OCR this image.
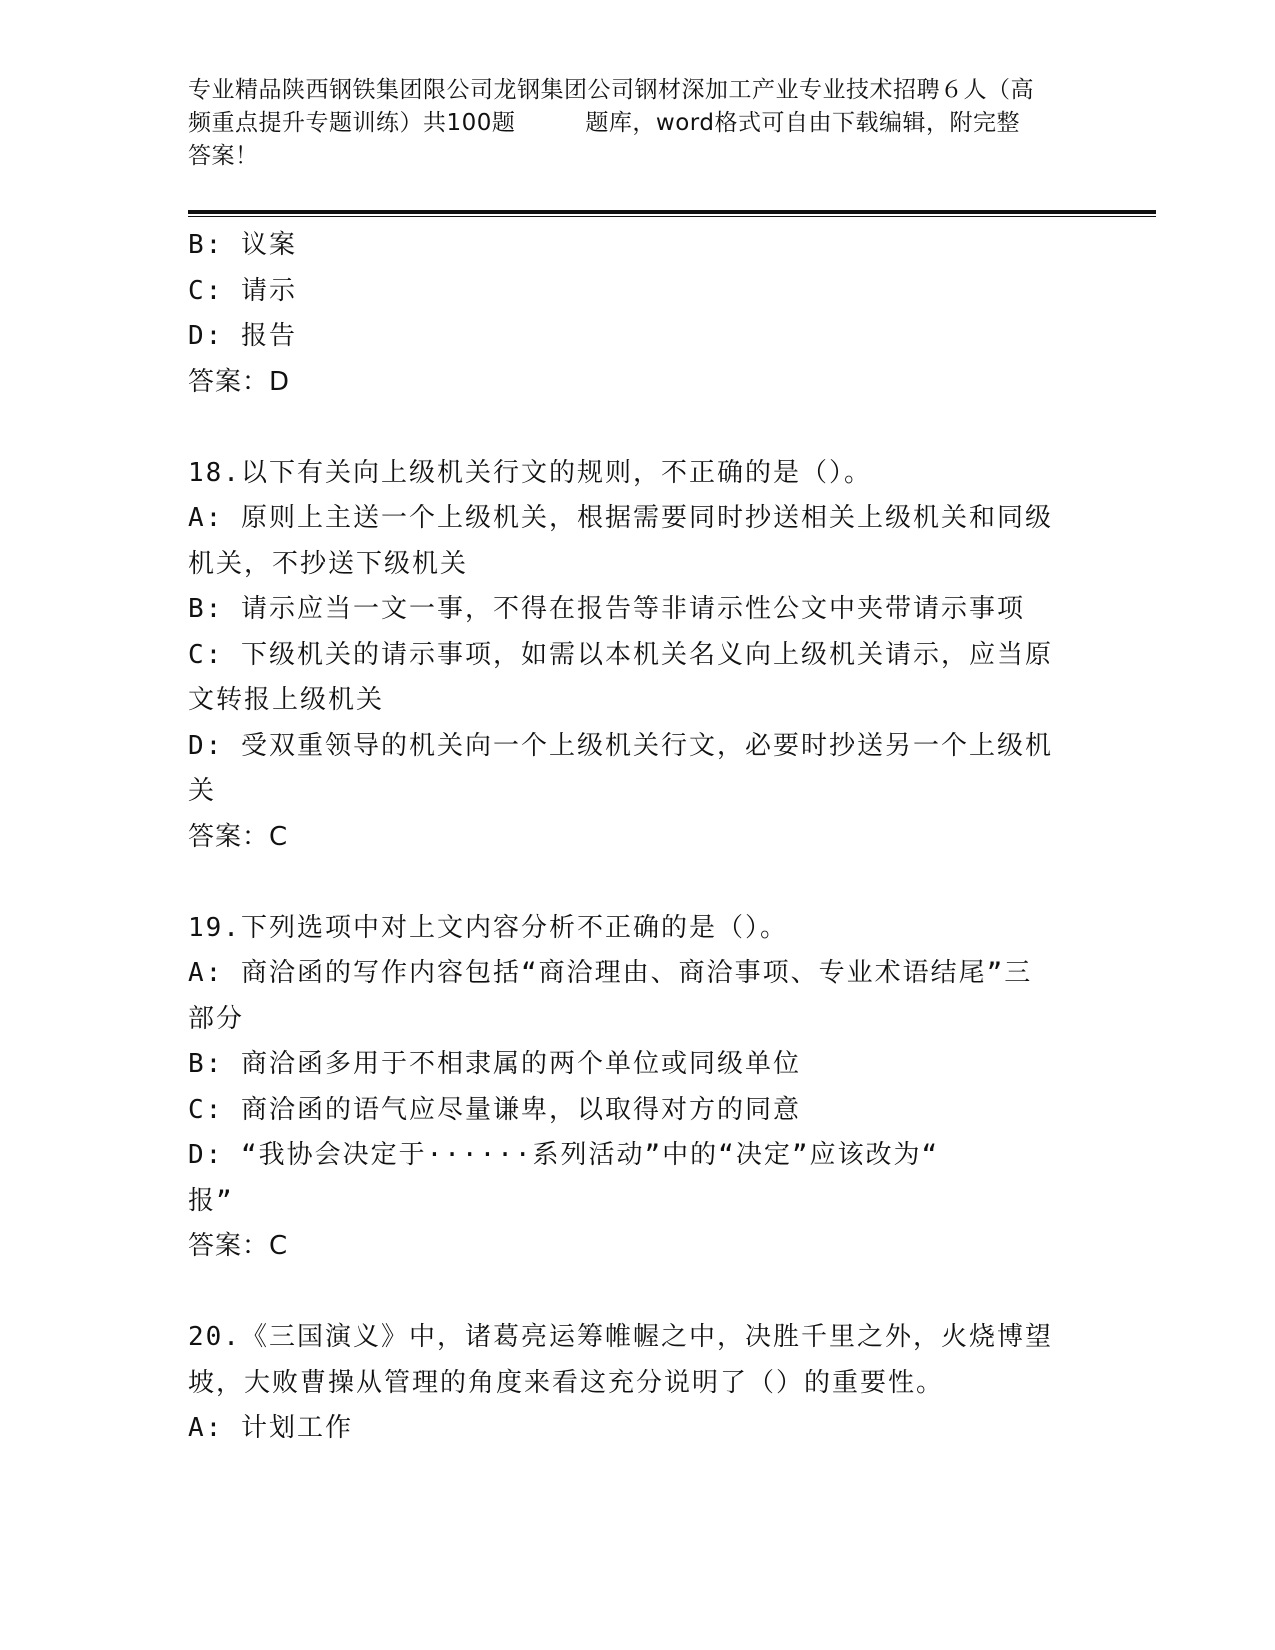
专业精品陕西钢铁集团限公司龙钢集团公司钢材深加工产业专业技术招聘６人（高
频重点提升专题训练）共100题	题库，word格式可自由下载编辑，附完整
答案！
B: 议案
C: 请示
D: 报告
答案：D
18.以下有关向上级机关行文的规则，不正确的是（）。
A: 原则上主送一个上级机关，根据需要同时抄送相关上级机关和同级
机关，不抄送下级机关
B: 请示应当一文一事，不得在报告等非请示性公文中夹带请示事项
C: 下级机关的请示事项，如需以本机关名义向上级机关请示，应当原
文转报上级机关
D: 受双重领导的机关向一个上级机关行文，必要时抄送另一个上级机
关
答案：C
19.下列选项中对上文内容分析不正确的是（）。
A: 商洽函的写作内容包括“商洽理由、商洽事项、专业术语结尾”三
部分
B: 商洽函多用于不相隶属的两个单位或同级单位
C: 商洽函的语气应尽量谦卑，以取得对方的同意
D: “我协会决定于······系列活动”中的“决定”应该改为“
报”
答案：C
20.《三国演义》中，诸葛亮运筹帷幄之中，决胜千里之外，火烧博望
坡，大败曹操从管理的角度来看这充分说明了（）的重要性。
A: 计划工作
